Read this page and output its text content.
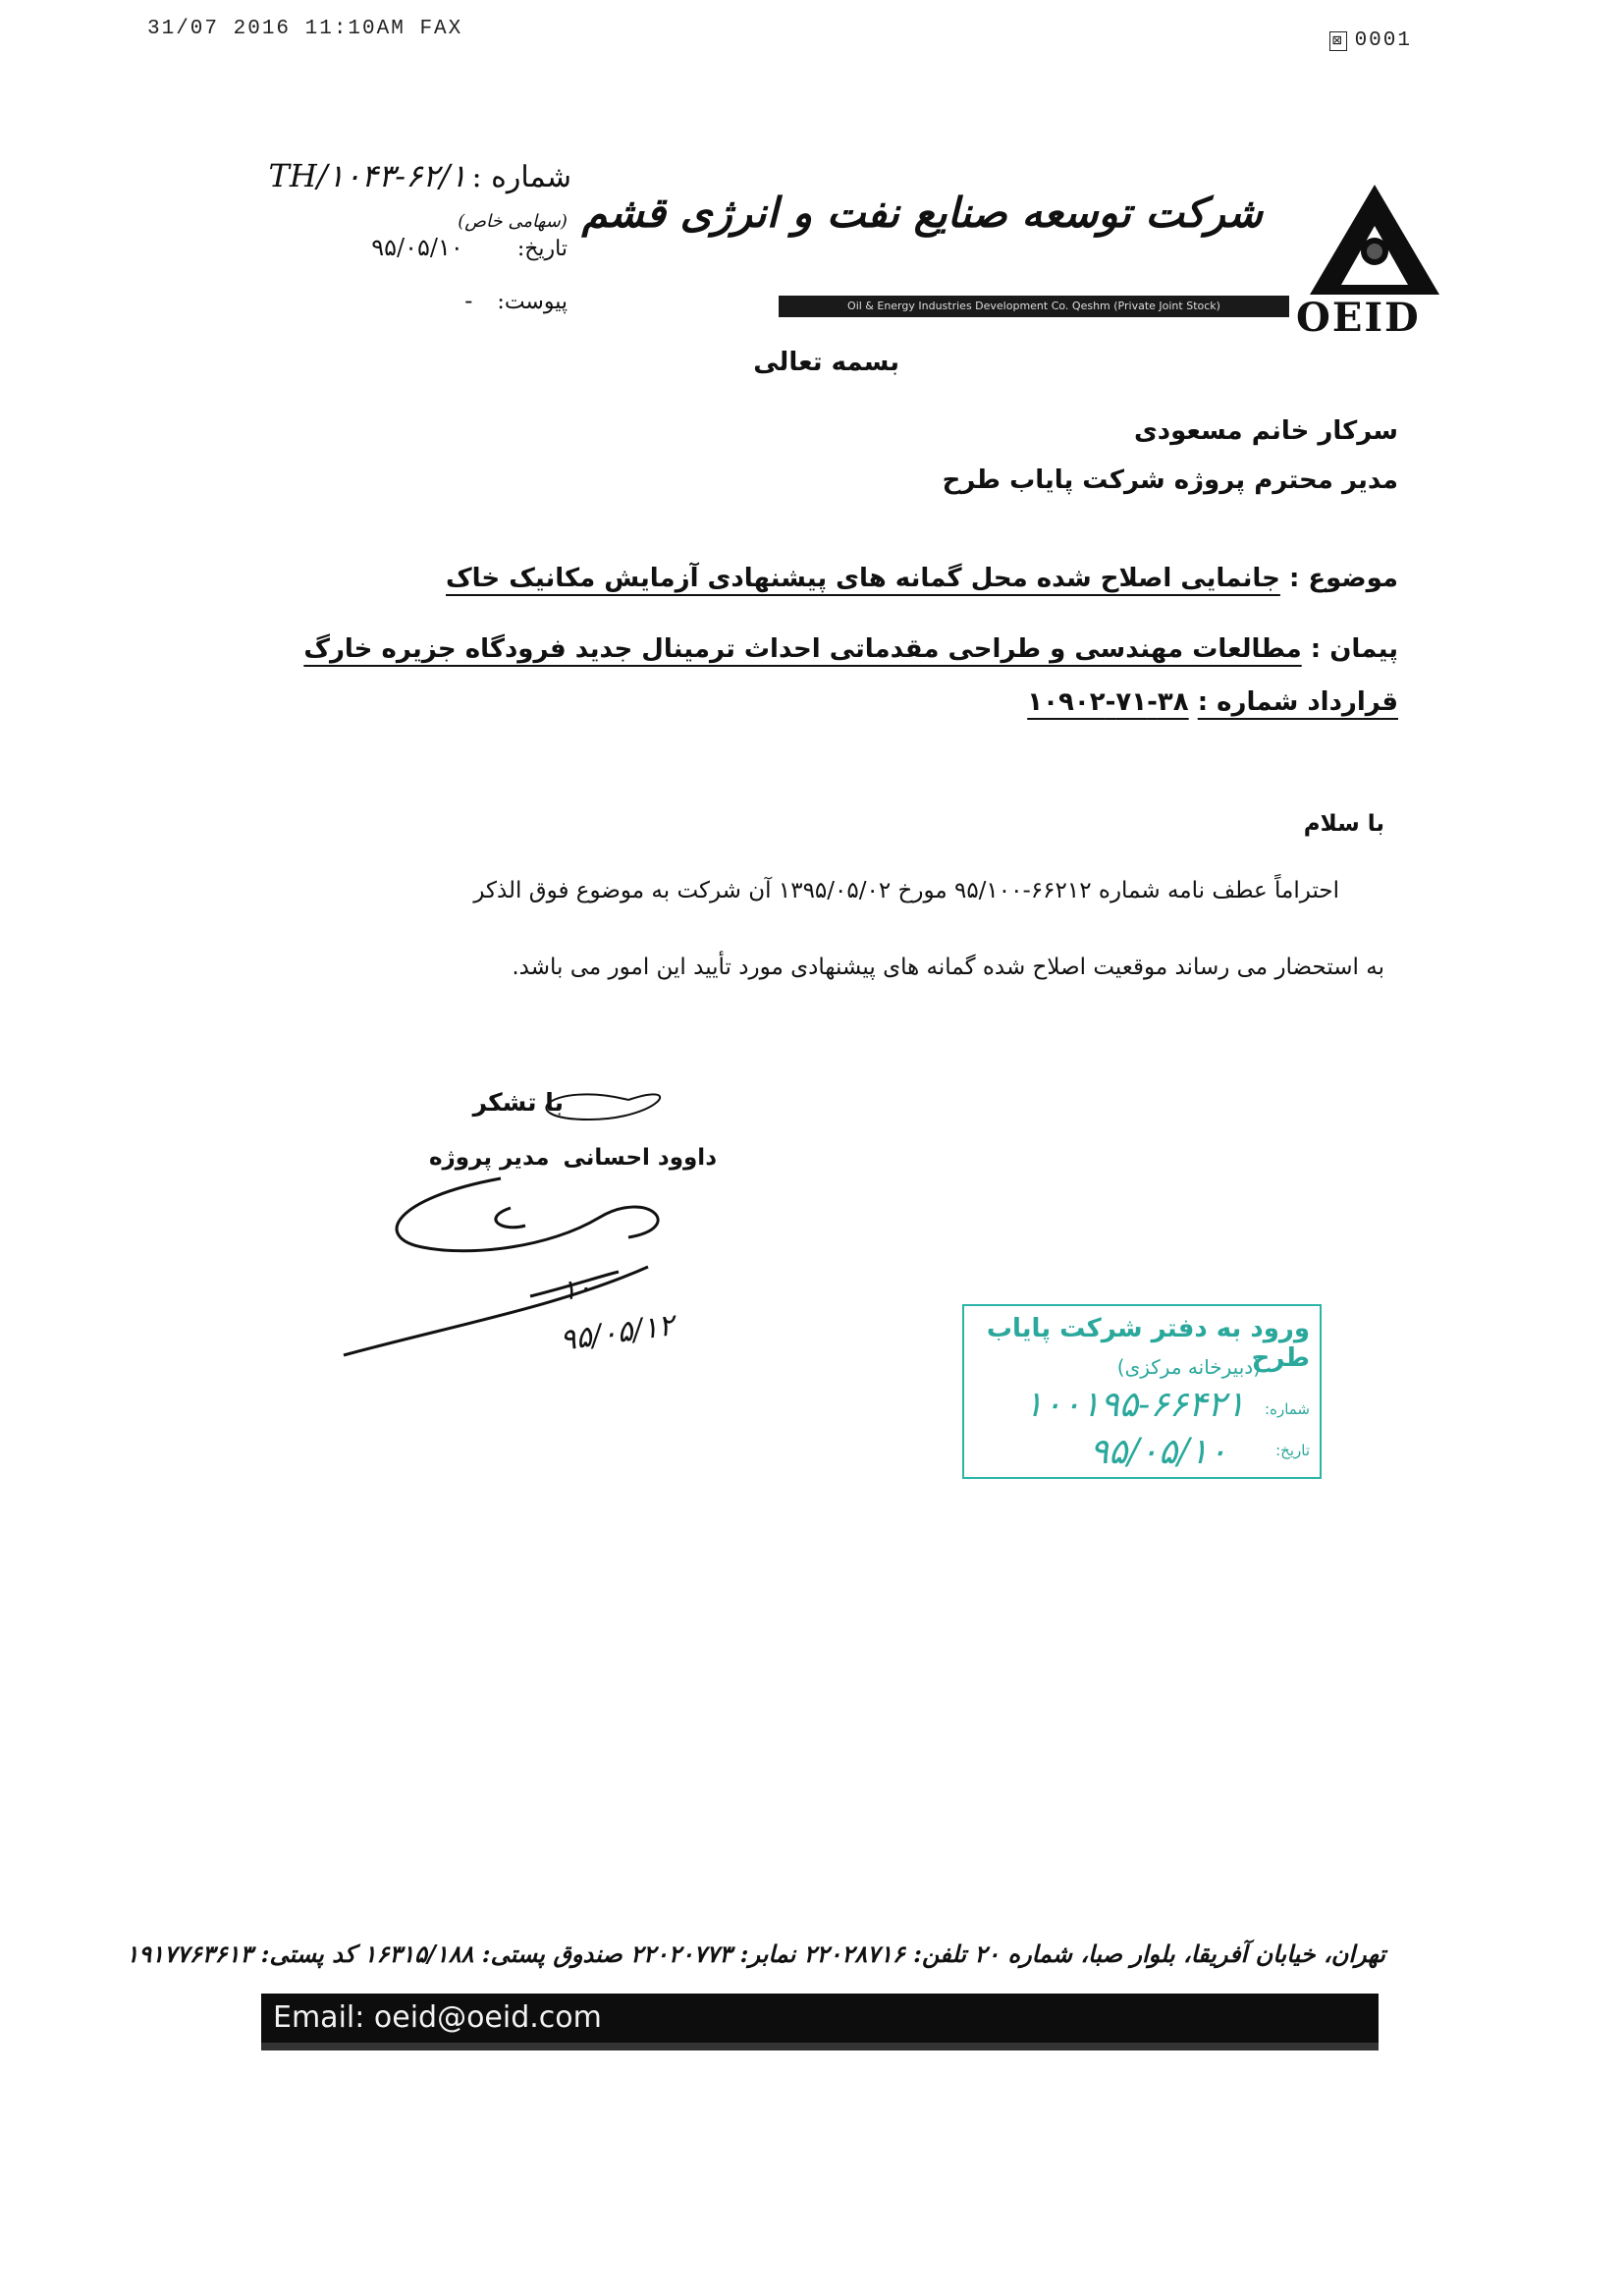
31/07 2016 11:10AM FAX
⊠ 0001
شماره : ۶۲/۱-TH/۱۰۴۳
تاریخ: ۹۵/۰۵/۱۰
پیوست: -
شرکت توسعه صنایع نفت و انرژی قشم (سهامی خاص)
Oil & Energy Industries Development Co. Qeshm (Private Joint Stock)	OEID
بسمه تعالی
سرکار خانم مسعودی
مدیر محترم پروژه شرکت پایاب طرح
موضوع : جانمایی اصلاح شده محل گمانه های پیشنهادی آزمایش مکانیک خاک
پیمان : مطالعات مهندسی و طراحی مقدماتی احداث ترمینال جدید فرودگاه جزیره خارگ
قرارداد شماره : ۳۸-۷۱-۱۰۹۰۲
با سلام
احتراماً عطف نامه شماره ۶۶۲۱۲-۹۵/۱۰۰ مورخ ۱۳۹۵/۰۵/۰۲ آن شرکت به موضوع فوق الذکر
به استحضار می رساند موقعیت اصلاح شده گمانه های پیشنهادی مورد تأیید این امور می باشد.
با تشکر
داوود احسانی مدیر پروژه
۱۰
۹۵/۰۵/۱۲	ورود به دفتر شرکت پایاب طرح
(دبیرخانه مرکزی)
شماره:
۱۰۰۱۹۵-۶۶۴۲۱
تاریخ:
۹۵/۰۵/۱۰
تهران، خیابان آفریقا، بلوار صبا، شماره ۲۰ تلفن: ۲۲۰۲۸۷۱۶ نمابر: ۲۲۰۲۰۷۷۳ صندوق پستی: ۱۶۳۱۵/۱۸۸ کد پستی: ۱۹۱۷۷۶۳۶۱۳
Email: oeid@oeid.com
